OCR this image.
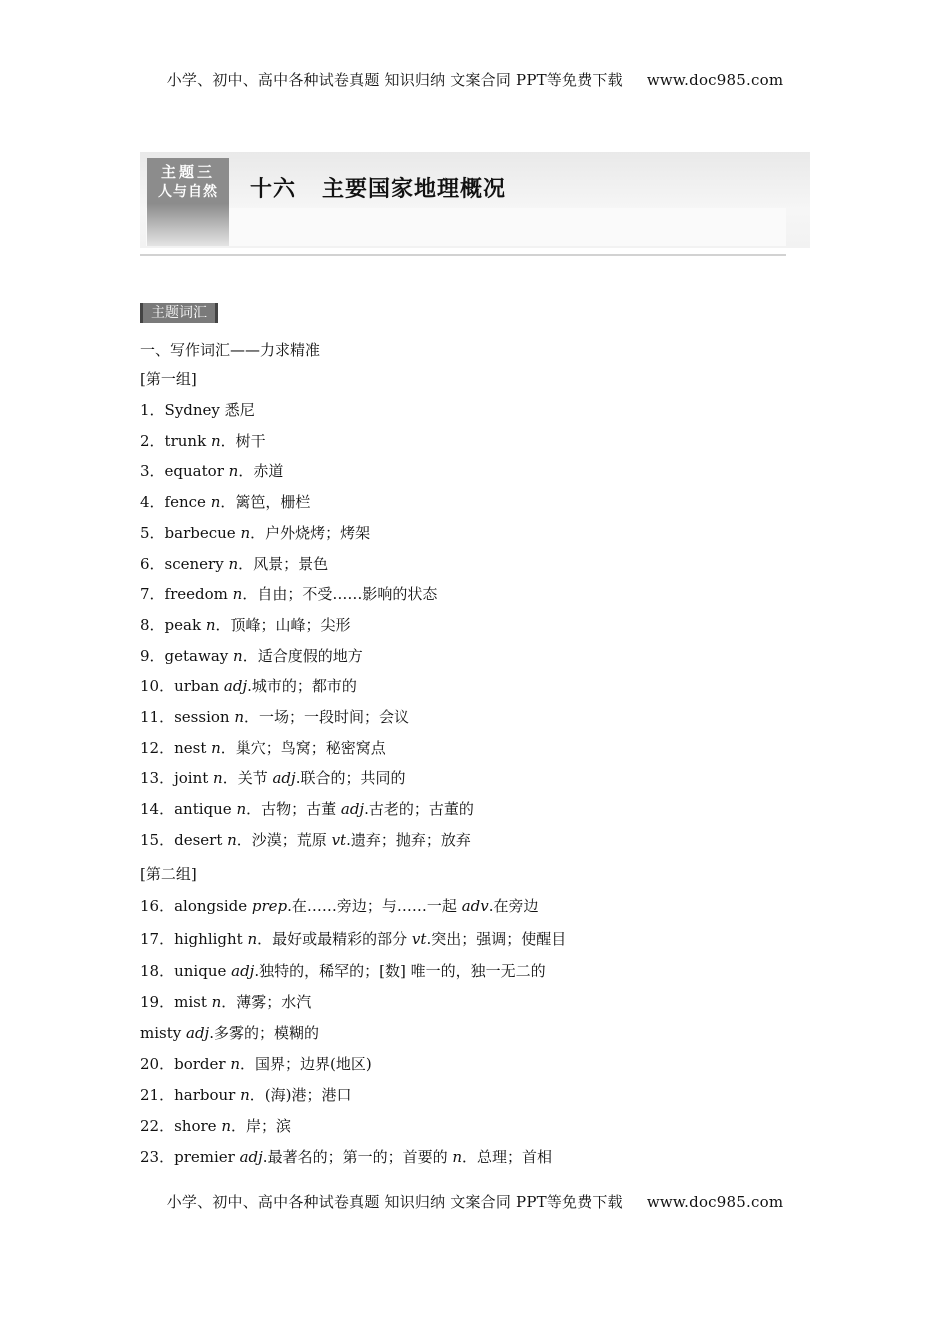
小学、初中、高中各种试卷真题 知识归纳 文案合同 PPT等免费下载 www.doc985.com
主题三
人与自然	十六   主要国家地理概况
主题词汇
一、写作词汇——力求精准
[第一组]
1．Sydney 悉尼
2．trunk n．树干
3．equator n．赤道
4．fence n．篱笆，栅栏
5．barbecue n．户外烧烤；烤架
6．scenery n．风景；景色
7．freedom n．自由；不受……影响的状态
8．peak n．顶峰；山峰；尖形
9．getaway n．适合度假的地方
10．urban adj.城市的；都市的
11．session n．一场；一段时间；会议
12．nest n．巢穴；鸟窝；秘密窝点
13．joint n．关节 adj.联合的；共同的
14．antique n．古物；古董 adj.古老的；古董的
15．desert n．沙漠；荒原 vt.遗弃；抛弃；放弃
[第二组]
16．alongside prep.在……旁边；与……一起 adv.在旁边
17．highlight n．最好或最精彩的部分 vt.突出；强调；使醒目
18．unique adj.独特的，稀罕的；[数] 唯一的，独一无二的
19．mist n．薄雾；水汽
misty adj.多雾的；模糊的
20．border n．国界；边界(地区)
21．harbour n．(海)港；港口
22．shore n．岸；滨
23．premier adj.最著名的；第一的；首要的 n．总理；首相
小学、初中、高中各种试卷真题 知识归纳 文案合同 PPT等免费下载 www.doc985.com
